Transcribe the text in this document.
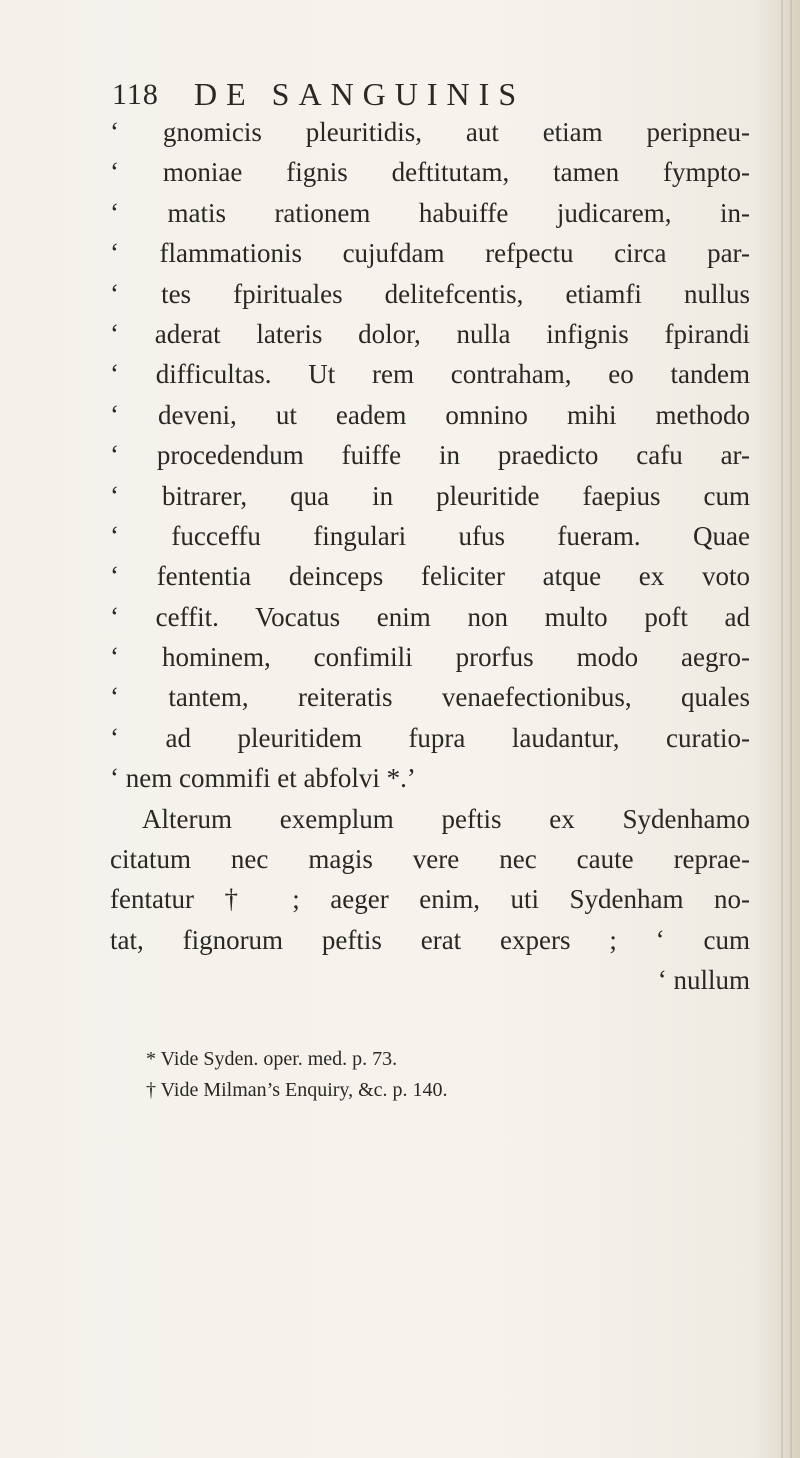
118 DE SANGUINIS
‘ gnomicis pleuritidis, aut etiam peripneu-
‘ moniae fignis deftitutam, tamen fympto-
‘ matis rationem habuiffe judicarem, in-
‘ flammationis cujufdam refpectu circa par-
‘ tes fpirituales delitefcentis, etiamfi nullus
‘ aderat lateris dolor, nulla infignis fpirandi
‘ difficultas. Ut rem contraham, eo tandem
‘ deveni, ut eadem omnino mihi methodo
‘ procedendum fuiffe in praedicto cafu ar-
‘ bitrarer, qua in pleuritide faepius cum
‘ fucceffu fingulari ufus fueram. Quae
‘ fententia deinceps feliciter atque ex voto
‘ ceffit. Vocatus enim non multo poft ad
‘ hominem, confimili prorfus modo aegro-
‘ tantem, reiteratis venaefectionibus, quales
‘ ad pleuritidem fupra laudantur, curatio-
‘ nem commifi et abfolvi *.’
Alterum exemplum peftis ex Sydenhamo
citatum nec magis vere nec caute reprae-
fentatur † ; aeger enim, uti Sydenham no-
tat, fignorum peftis erat expers ; ‘ cum
‘ nullum
* Vide Syden. oper. med. p. 73.
† Vide Milman’s Enquiry, &c. p. 140.
